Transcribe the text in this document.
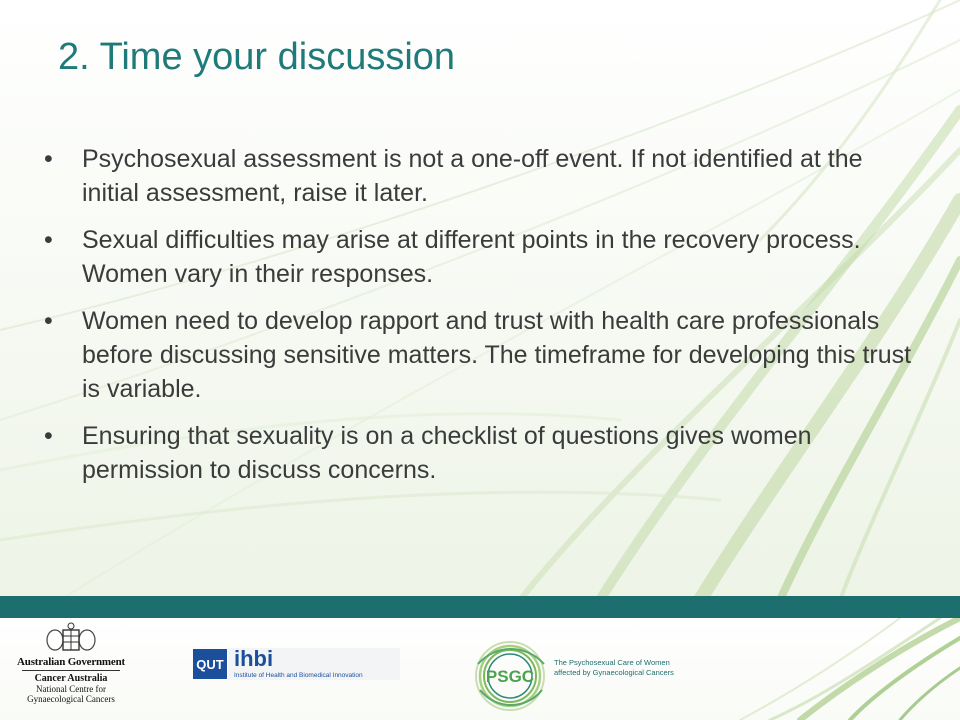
2. Time your discussion
• Psychosexual assessment is not a one-off event. If not identified at the initial assessment, raise it later.
• Sexual difficulties may arise at different points in the recovery process. Women vary in their responses.
• Women need to develop rapport and trust with health care professionals before discussing sensitive matters. The timeframe for developing this trust is variable.
• Ensuring that sexuality is on a checklist of questions gives women permission to discuss concerns.
Australian Government
Cancer Australia
National Centre for
Gynaecological Cancers
QUT ihbi
Institute of Health and Biomedical Innovation	PSGC
The Psychosexual Care of Women
affected by Gynaecological Cancers
